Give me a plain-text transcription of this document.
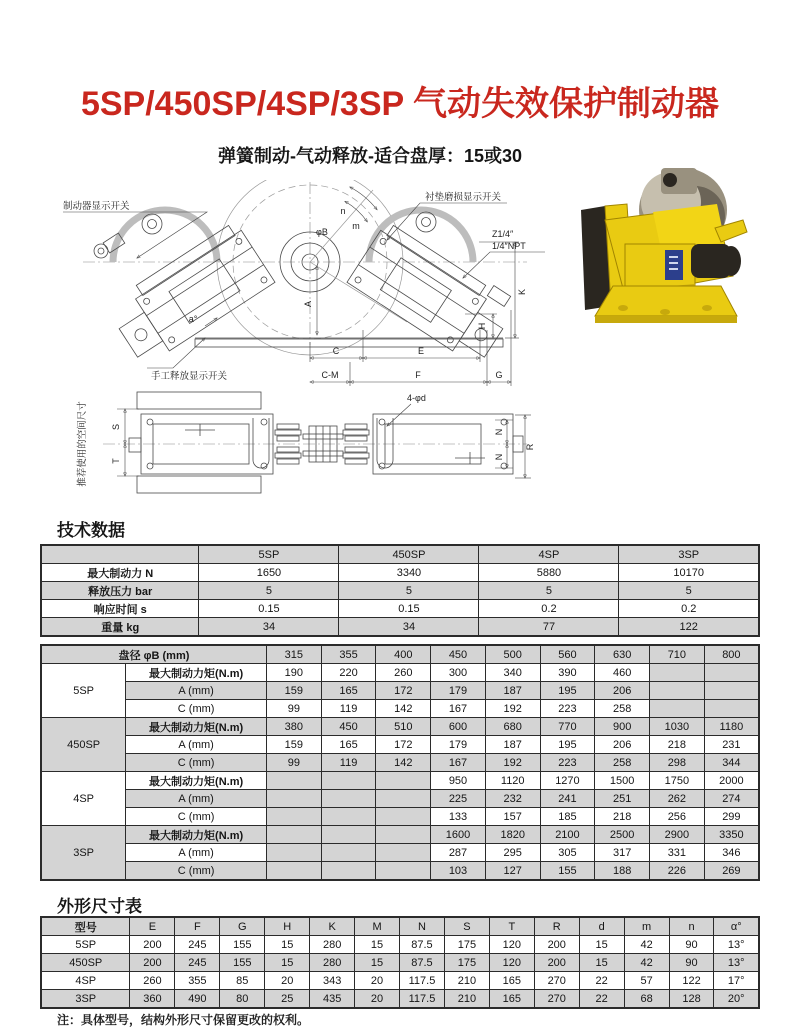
5SP/450SP/4SP/3SP 气动失效保护制动器
弹簧制动-气动释放-适合盘厚：15或30
n
m
φB
A
K
H
C	E
C-M	F	G
a°
制动器显示开关
衬垫磨损显示开关
手工释放显示开关
Z1/4″
1/4″NPT
4-φd
S
T
推荐使用的空间尺寸	N
N
R
技术数据
	5SP	450SP	4SP	3SP
最大制动力 N	1650	3340	5880	10170
释放压力 bar	5	5	5	5
响应时间 s	0.15	0.15	0.2	0.2
重量 kg	34	34	77	122
盘径 φB (mm)		315	355	400	450	500	560	630	710	800
5SP	最大制动力矩(N.m)	190	220	260	300	340	390	460		
	A (mm)	159	165	172	179	187	195	206		
	C (mm)	99	119	142	167	192	223	258		
450SP	最大制动力矩(N.m)	380	450	510	600	680	770	900	1030	1180
	A (mm)	159	165	172	179	187	195	206	218	231
	C (mm)	99	119	142	167	192	223	258	298	344
4SP	最大制动力矩(N.m)				950	1120	1270	1500	1750	2000
	A (mm)				225	232	241	251	262	274
	C (mm)				133	157	185	218	256	299
3SP	最大制动力矩(N.m)				1600	1820	2100	2500	2900	3350
	A (mm)				287	295	305	317	331	346
	C (mm)				103	127	155	188	226	269
外形尺寸表
型号	E	F	G	H	K	M	N	S	T	R	d	m	n	α°
5SP	200	245	155	15	280	15	87.5	175	120	200	15	42	90	13°
450SP	200	245	155	15	280	15	87.5	175	120	200	15	42	90	13°
4SP	260	355	85	20	343	20	117.5	210	165	270	22	57	122	17°
3SP	360	490	80	25	435	20	117.5	210	165	270	22	68	128	20°
注：具体型号，结构外形尺寸保留更改的权利。
